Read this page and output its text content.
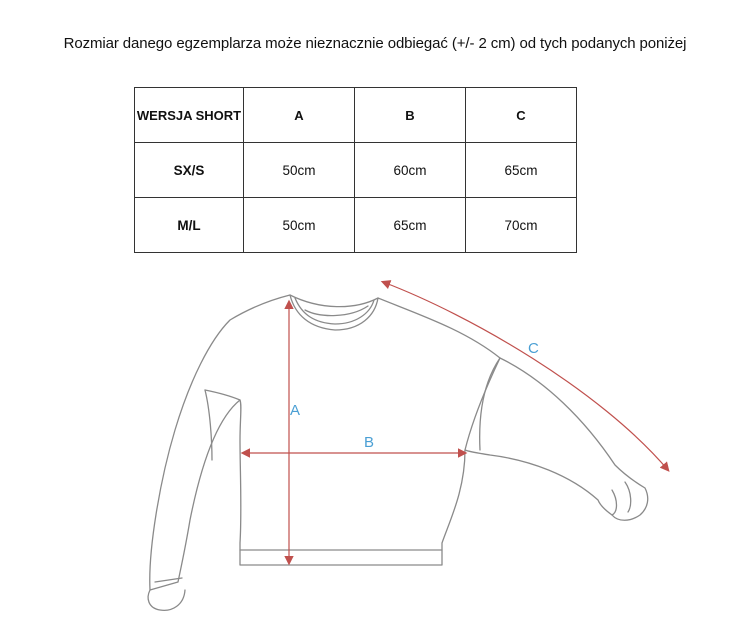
Rozmiar danego egzemplarza może nieznacznie odbiegać (+/- 2 cm) od tych podanych poniżej
WERSJA SHORT	A	B	C
SX/S	50cm	60cm	65cm
M/L	50cm	65cm	70cm
A
B
C
